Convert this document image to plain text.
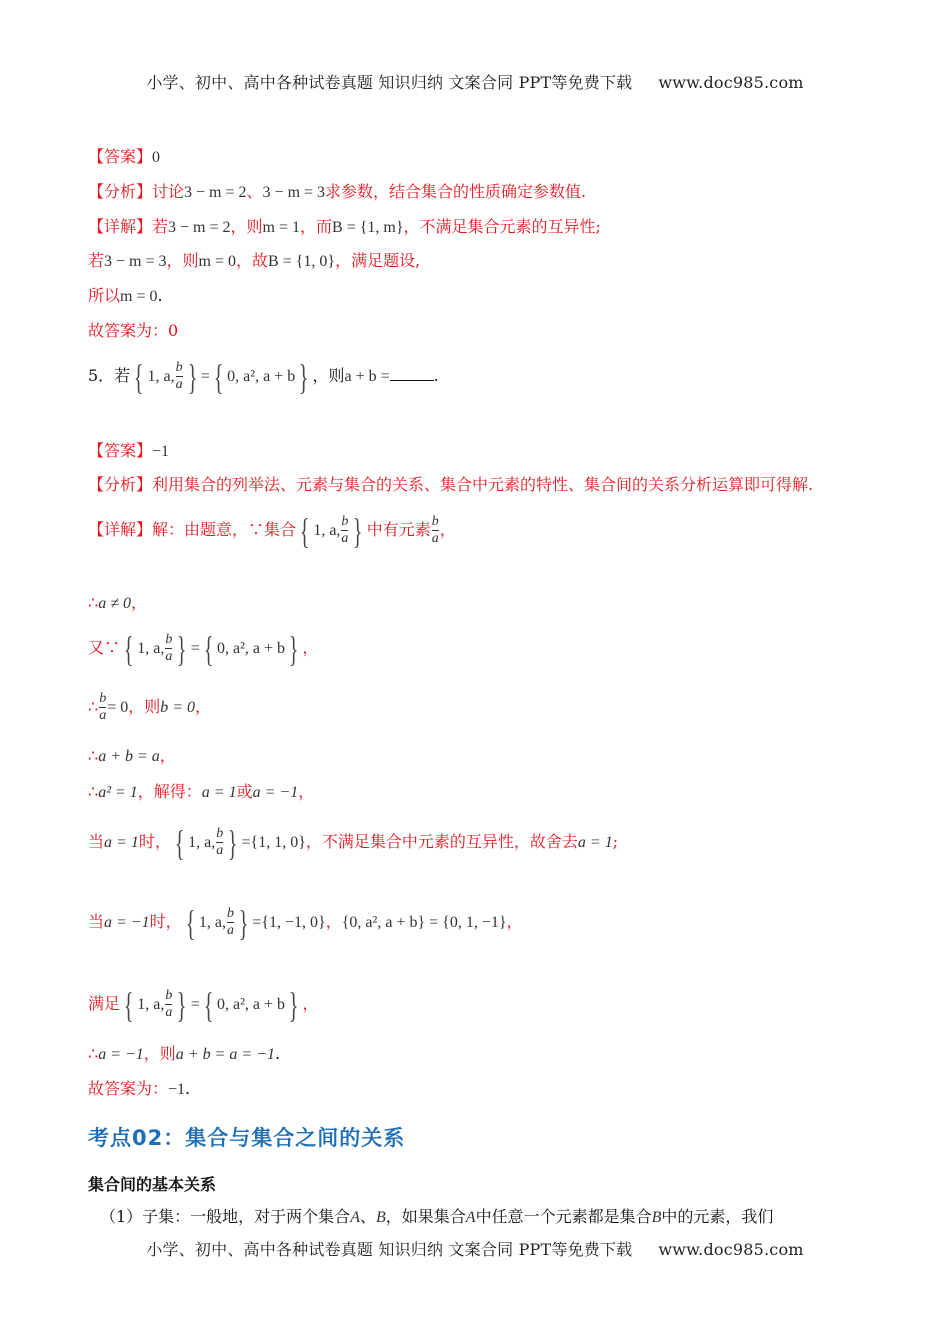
小学、初中、高中各种试卷真题 知识归纳 文案合同 PPT等免费下载 www.doc985.com
【答案】0
【分析】讨论3 − m = 2、3 − m = 3求参数，结合集合的性质确定参数值.
【详解】若3 − m = 2，则m = 1，而B = {1, m}，不满足集合元素的互异性;
若3 − m = 3，则m = 0，故B = {1, 0}，满足题设,
所以m = 0.
故答案为：0
5．若 { 1, a, $\frac{b}{a}$ } = { 0, a², a + b } ，则a + b =	.
【答案】−1
【分析】利用集合的列举法、元素与集合的关系、集合中元素的特性、集合间的关系分析运算即可得解.
【详解】解：由题意，∵集合 { 1, a, $\frac{b}{a}$ } 中有元素 $\frac{b}{a}$ ，
∴a ≠ 0，
又∵ { 1, a, $\frac{b}{a}$ } = { 0, a², a + b } ，
∴ $\frac{b}{a} = 0$，则b = 0，
∴a + b = a，
∴a² = 1，解得：a = 1或a = −1，
当a = 1时， { 1, a, $\frac{b}{a}$ } ={1, 1, 0}，不满足集合中元素的互异性，故舍去a = 1;
当a = −1时， { 1, a, $\frac{b}{a}$ } ={1, −1, 0}，{0, a², a + b} = {0, 1, −1}，
满足 { 1, a, $\frac{b}{a}$ } = { 0, a², a + b } ，
∴a = −1，则a + b = a = −1.
故答案为：−1.
考点02：集合与集合之间的关系
集合间的基本关系
（1）子集：一般地，对于两个集合A、B，如果集合A中任意一个元素都是集合B中的元素，我们
小学、初中、高中各种试卷真题 知识归纳 文案合同 PPT等免费下载 www.doc985.com
